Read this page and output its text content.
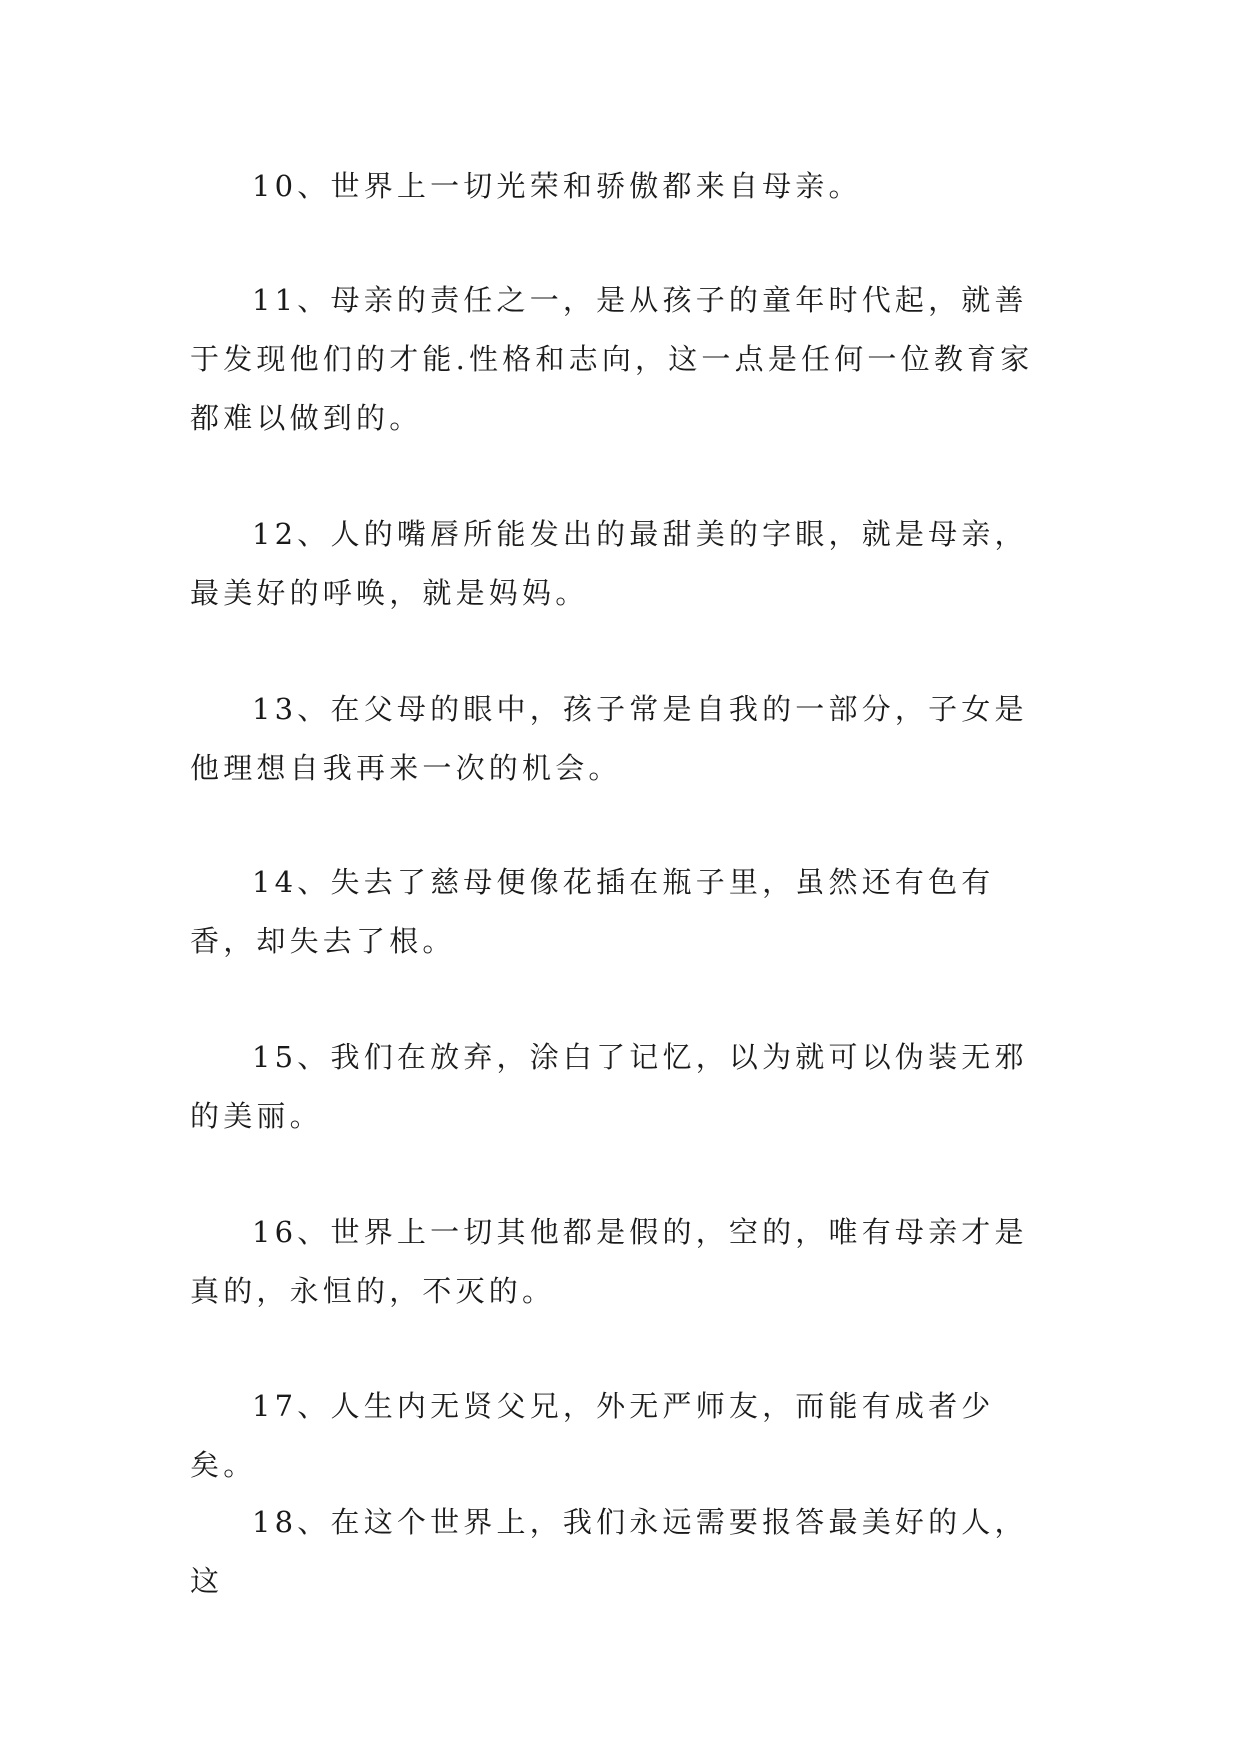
10、世界上一切光荣和骄傲都来自母亲。

11、母亲的责任之一，是从孩子的童年时代起，就善于发现他们的才能.性格和志向，这一点是任何一位教育家都难以做到的。

12、人的嘴唇所能发出的最甜美的字眼，就是母亲，最美好的呼唤，就是妈妈。

13、在父母的眼中，孩子常是自我的一部分，子女是他理想自我再来一次的机会。

14、失去了慈母便像花插在瓶子里，虽然还有色有香，却失去了根。

15、我们在放弃，涂白了记忆，以为就可以伪装无邪的美丽。

16、世界上一切其他都是假的，空的，唯有母亲才是真的，永恒的，不灭的。

17、人生内无贤父兄，外无严师友，而能有成者少矣。

18、在这个世界上，我们永远需要报答最美好的人，这
